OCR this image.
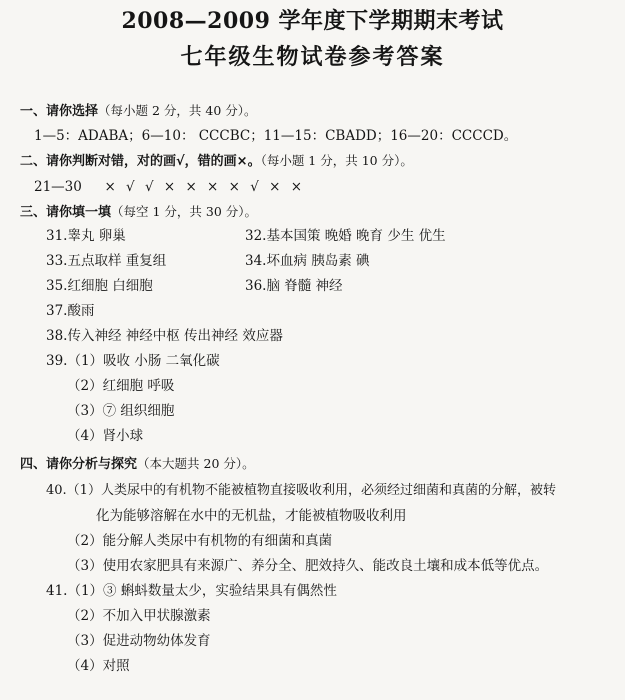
2008—2009 学年度下学期期末考试
七年级生物试卷参考答案
一、请你选择（每小题 2 分，共 40 分）。
1—5：ADABA；6—10： CCCBC；11—15：CBADD；16—20：CCCCD。
二、请你判断对错，对的画√，错的画×。（每小题 1 分，共 10 分）。
21—30 × √ √ × × × × √ × ×
三、请你填一填（每空 1 分，共 30 分）。
31.睾丸 卵巢	32.基本国策 晚婚 晚育 少生 优生
33.五点取样 重复组	34.坏血病 胰岛素 碘
35.红细胞 白细胞	36.脑 脊髓 神经
37.酸雨
38.传入神经 神经中枢 传出神经 效应器
39.（1）吸收 小肠 二氧化碳
（2）红细胞 呼吸
（3）⑦ 组织细胞
（4）肾小球
四、请你分析与探究（本大题共 20 分）。
40.（1）人类尿中的有机物不能被植物直接吸收利用，必须经过细菌和真菌的分解，被转
化为能够溶解在水中的无机盐，才能被植物吸收利用
（2）能分解人类尿中有机物的有细菌和真菌
（3）使用农家肥具有来源广、养分全、肥效持久、能改良土壤和成本低等优点。
41.（1）③ 蝌蚪数量太少，实验结果具有偶然性
（2）不加入甲状腺激素
（3）促进动物幼体发育
（4）对照
